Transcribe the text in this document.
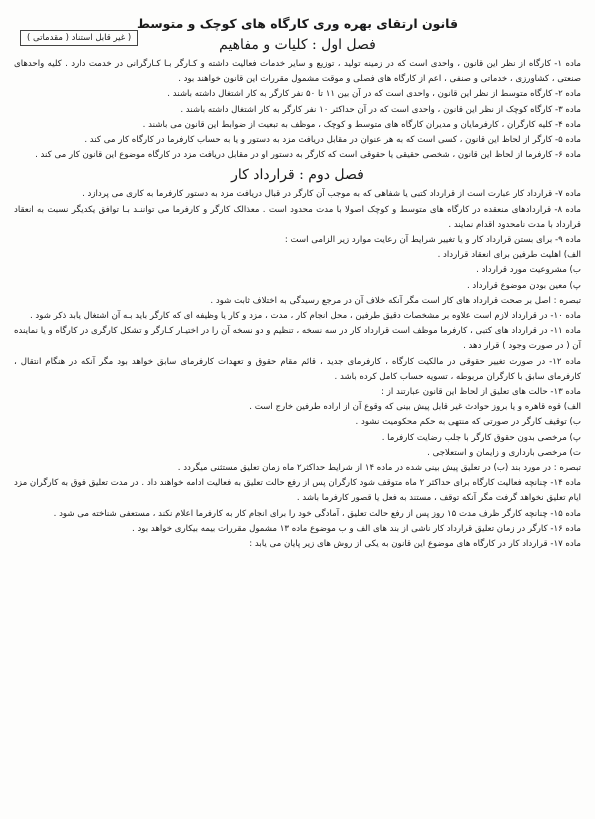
( غیر قابل استناد ( مقدماتی )
قانون ارتقای بهره وری کارگاه های کوچک و متوسط
فصل اول : کلیات و مفاهیم

ماده ۱- کارگاه از نظر این قانون ، واحدی است که در زمینه تولید ، توزیع و سایر خدمات فعالیت داشته و کـارگر بـا کـارگرانی در خدمت دارد . کلیه واحدهای صنعتی ، کشاورزی ، خدماتی و صنفی ، اعم از کارگاه های فصلی و موقت مشمول مقررات این قانون خواهند بود .

ماده ۲- کارگاه متوسط از نظر این قانون ، واحدی است که در آن بین ۱۱ تا ۵۰ نفر کارگر به کار اشتغال داشته باشند .

ماده ۳- کارگاه کوچک از نظر این قانون ، واحدی است که در آن حداکثر ۱۰ نفر کارگر به کار اشتغال داشته باشند .

ماده ۴- کلیه کارگران ، کارفرمایان و مدیران کارگاه های متوسط و کوچک ، موظف به تبعیت از ضوابط این قانون می باشند .

ماده ۵- کارگر از لحاظ این قانون ، کسی است که به هر عنوان در مقابل دریافت مزد به دستور و یا به حساب کارفرما در کارگاه کار می کند .

ماده ۶- کارفرما از لحاظ این قانون ، شخصی حقیقی یا حقوقی است که کارگر به دستور او در مقابل دریافت مزد در کارگاه موضوع این قانون کار می کند .

فصل دوم : قرارداد کار

ماده ۷- قرارداد کار عبارت است از قرارداد کتبی یا شفاهی که به موجب آن کارگر در قبال دریافت مزد به دستور کارفرما به کاری می پردازد .

ماده ۸- قراردادهای منعقده در کارگاه های متوسط و کوچک اصولا با مدت محدود است . معذالک کارگر و کارفرما می تواننـد بـا توافق یکدیگر نسبت به انعقاد قرارداد با مدت نامحدود اقدام نمایند .

ماده ۹- برای بستن قرارداد کار و یا تغییر شرایط آن رعایت موارد زیر الزامی است :

الف) اهلیت طرفین برای انعقاد قرارداد .

ب) مشروعیت مورد قرارداد .

پ) معین بودن موضوع قرارداد .

تبصره : اصل بر صحت قرارداد های کار است مگر آنکه خلاف آن در مرجع رسیدگی به اختلاف ثابت شود .

ماده ۱۰- در قرارداد لازم است علاوه بر مشخصات دقیق طرفین ، محل انجام کار ، مدت ، مزد و کار یا وظیفه ای که کارگر باید بـه آن اشتغال یابد ذکر شود .

ماده ۱۱- در قرارداد های کتبی ، کارفرما موظف است قرارداد کار در سه نسخه ، تنظیم و دو نسخه آن را در اختیـار کـارگر و تشکل کارگری در کارگاه و یا نماینده آن ( در صورت وجود ) قرار دهد .

ماده ۱۲- در صورت تغییر حقوقی در مالکیت کارگاه ، کارفرمای جدید ، قائم مقام حقوق و تعهدات کارفرمای سابق خواهد بود مگر آنکه در هنگام انتقال ، کارفرمای سابق با کارگران مربوطه ، تسویه حساب کامل کرده باشد .

ماده ۱۳- حالت های تعلیق از لحاظ این قانون عبارتند از :

الف) قوه قاهره و یا بروز حوادث غیر قابل پیش بینی که وقوع آن از اراده طرفین خارج است .

ب) توقیف کارگر در صورتی که منتهی به حکم محکومیت نشود .

پ) مرخصی بدون حقوق کارگر با جلب رضایت کارفرما .

ت) مرخصی بارداری و زایمان و استعلاجی .

تبصره : در مورد بند (ب) در تعلیق پیش بینی شده در ماده ۱۴ از شرایط حداکثر۲ ماه زمان تعلیق مستثنی میگردد .

ماده ۱۴- چنانچه فعالیت کارگاه برای حداکثر ۲ ماه متوقف شود کارگران پس از رفع حالت تعلیق به فعالیت ادامه خواهند داد . در مدت تعلیق فوق به کارگران مزد ایام تعلیق نخواهد گرفت مگر آنکه توقف ، مستند به فعل یا قصور کارفرما باشد .

ماده ۱۵- چنانچه کارگر ظرف مدت ۱۵ روز پس از رفع حالت تعلیق ، آمادگی خود را برای انجام کار به کارفرما اعلام نکند ، مستعفی شناخته می شود .

ماده ۱۶- کارگر در زمان تعلیق قرارداد کار ناشی از بند های الف و ب موضوع ماده ۱۳ مشمول مقررات بیمه بیکاری خواهد بود .

ماده ۱۷- قرارداد کار در کارگاه های موضوع این قانون به یکی از روش های زیر پایان می یابد :
